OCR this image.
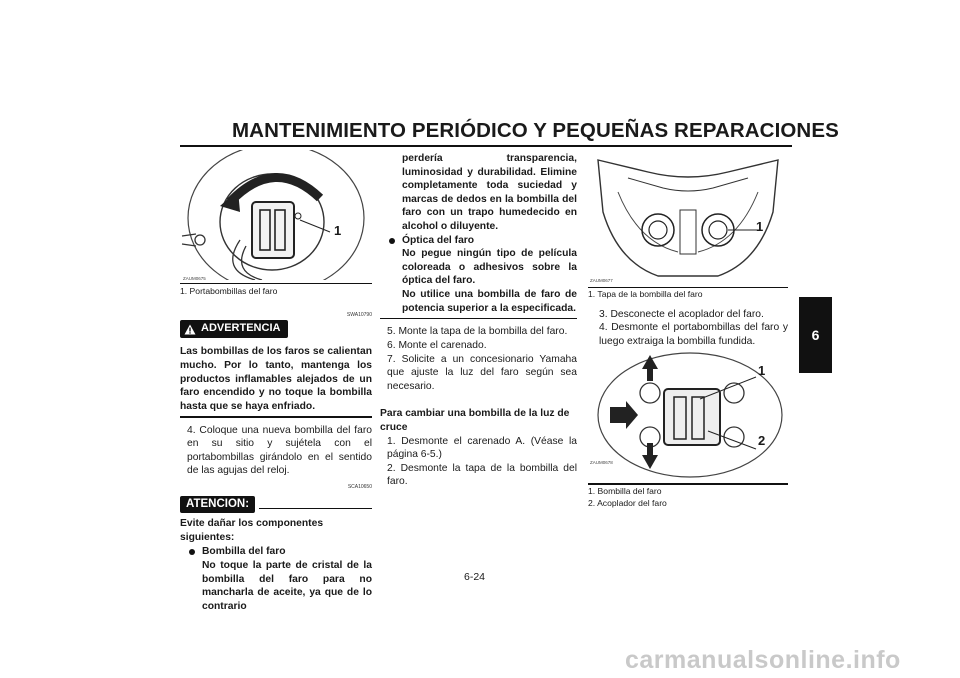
MANTENIMIENTO PERIÓDICO Y PEQUEÑAS REPARACIONES
6
1
ZAUM0675
1. Portabombillas del faro
SWA10790
ADVERTENCIA
Las bombillas de los faros se calientan mucho. Por lo tanto, mantenga los productos inflamables alejados de un faro encendido y no toque la bombilla hasta que se haya enfriado.
4. Coloque una nueva bombilla del faro en su sitio y sujétela con el portabombillas girándolo en el sentido de las agujas del reloj.
SCA10650
ATENCION:
Evite dañar los componentes siguientes:
Bombilla del faro
No toque la parte de cristal de la bombilla del faro para no mancharla de aceite, ya que de lo contrario
perdería transparencia, luminosidad y durabilidad. Elimine completamente toda suciedad y marcas de dedos en la bombilla del faro con un trapo humedecido en alcohol o diluyente.
Óptica del faro
No pegue ningún tipo de película coloreada o adhesivos sobre la óptica del faro.
No utilice una bombilla de faro de potencia superior a la especificada.
5. Monte la tapa de la bombilla del faro.
6. Monte el carenado.
7. Solicite a un concesionario Yamaha que ajuste la luz del faro según sea necesario.
Para cambiar una bombilla de la luz de cruce
1. Desmonte el carenado A. (Véase la página 6-5.)
2. Desmonte la tapa de la bombilla del faro.
1
ZAUM0677
1. Tapa de la bombilla del faro
3. Desconecte el acoplador del faro.
4. Desmonte el portabombillas del faro y luego extraiga la bombilla fundida.
1
2
ZAUM0678
1. Bombilla del faro
2. Acoplador del faro
6-24
carmanualsonline.info
